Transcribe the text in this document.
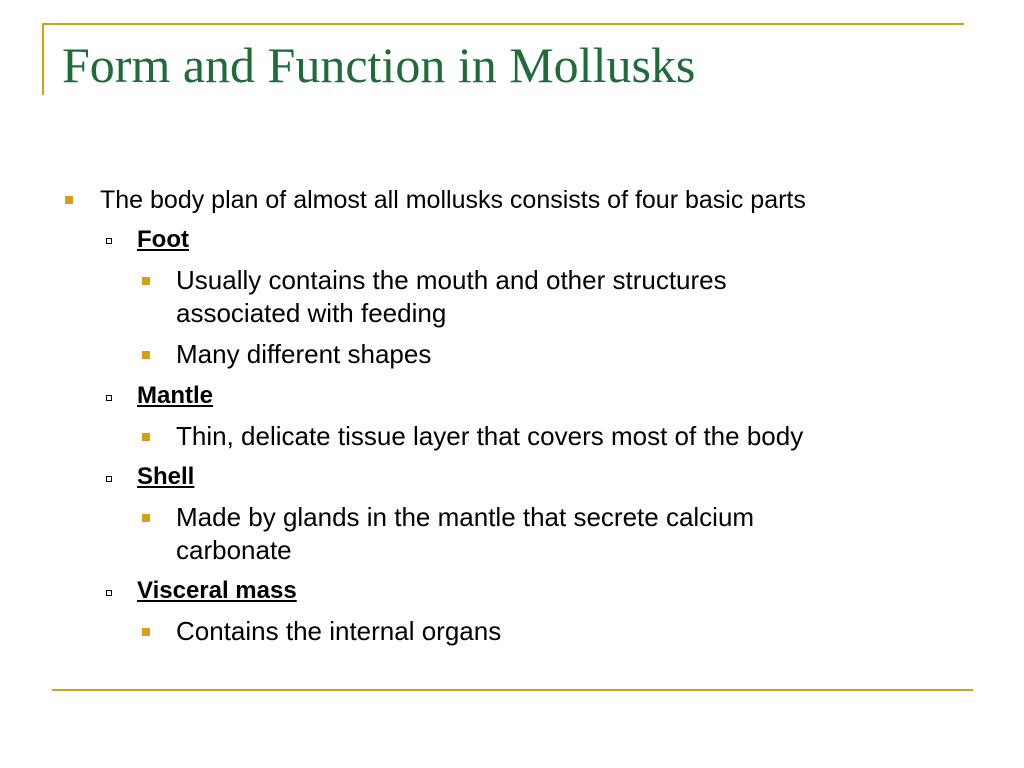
Form and Function in Mollusks
The body plan of almost all mollusks consists of four basic parts
Foot
Usually contains the mouth and other structures
associated with feeding
Many different shapes
Mantle
Thin, delicate tissue layer that covers most of the body
Shell
Made by glands in the mantle that secrete calcium
carbonate
Visceral mass
Contains the internal organs
